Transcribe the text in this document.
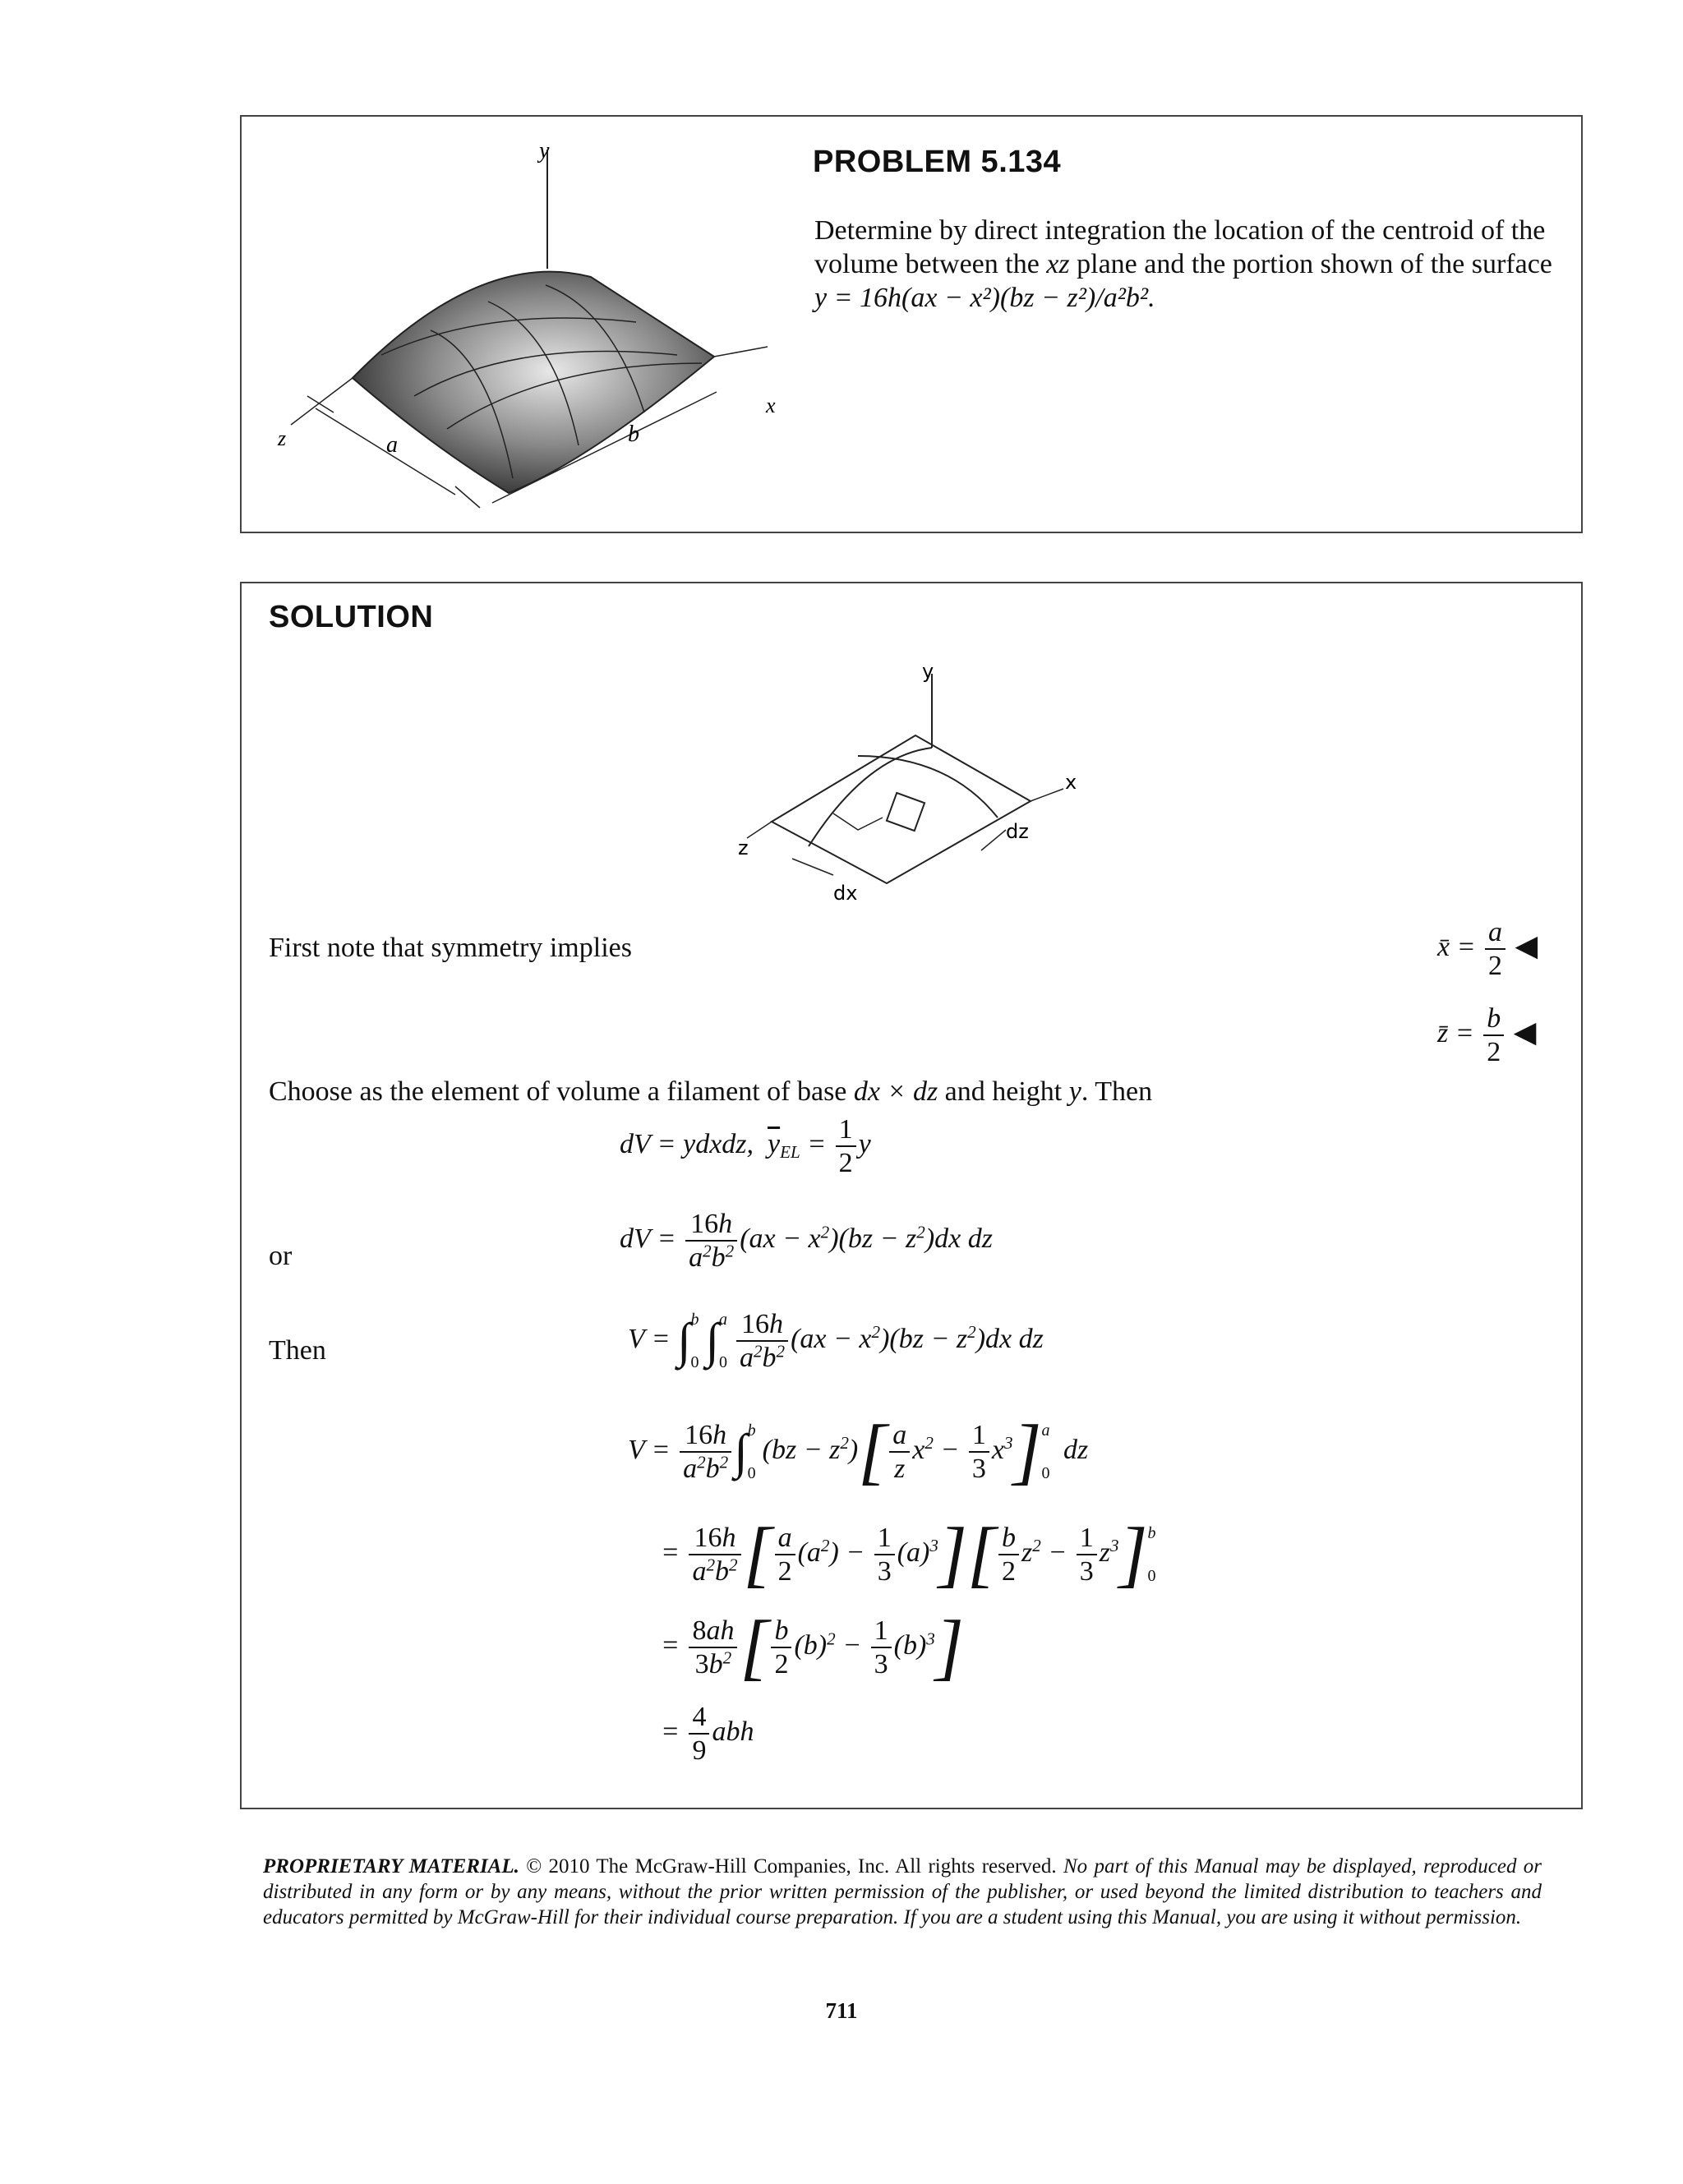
y
x
z	a	b
PROBLEM 5.134
Determine by direct integration the location of the centroid of the volume between the xz plane and the portion shown of the surface y = 16h(ax − x²)(bz − z²)/a²b².
SOLUTION
y
x
z
dx
dz
First note that symmetry implies	x̄ = $\frac{a}{2}$ ◀
z̄ = $\frac{b}{2}$ ◀
Choose as the element of volume a filament of base dx × dz and height y. Then
dV = ydxdz,  $\overline{y}_{EL} = \frac{1}{2}$ y
or
dV = $\frac{16h}{a^2b^2} (ax - x^2)(bz - z^2)dx$ dz
Then	V = ∫b
0 ∫a
$0 \frac{16h}{a^2b^2} (ax - x^2)(bz - z^2)dx$ dz
$V = \frac{16h}{a^2b^2} \int b$
$0(bz - z^2)[ \frac{a}{z} x^2 - \frac{1}{3} x^3]a$
0 dz
= $\frac{16h}{a^2b^2}$ [ $\frac{a}{2} (a^2) - \frac{1}{3} (a)^3][ \frac{b}{2} z^2 - \frac{1}{3} z^3]b$
0
= $\frac{8ah}{3b^2}$ [ $\frac{b}{2} (b)^2 - \frac{1}{3} (b)^3$]
= $\frac{4}{9}$ abh
PROPRIETARY MATERIAL. © 2010 The McGraw-Hill Companies, Inc. All rights reserved. No part of this Manual may be displayed, reproduced or distributed in any form or by any means, without the prior written permission of the publisher, or used beyond the limited distribution to teachers and educators permitted by McGraw-Hill for their individual course preparation. If you are a student using this Manual, you are using it without permission.
711
